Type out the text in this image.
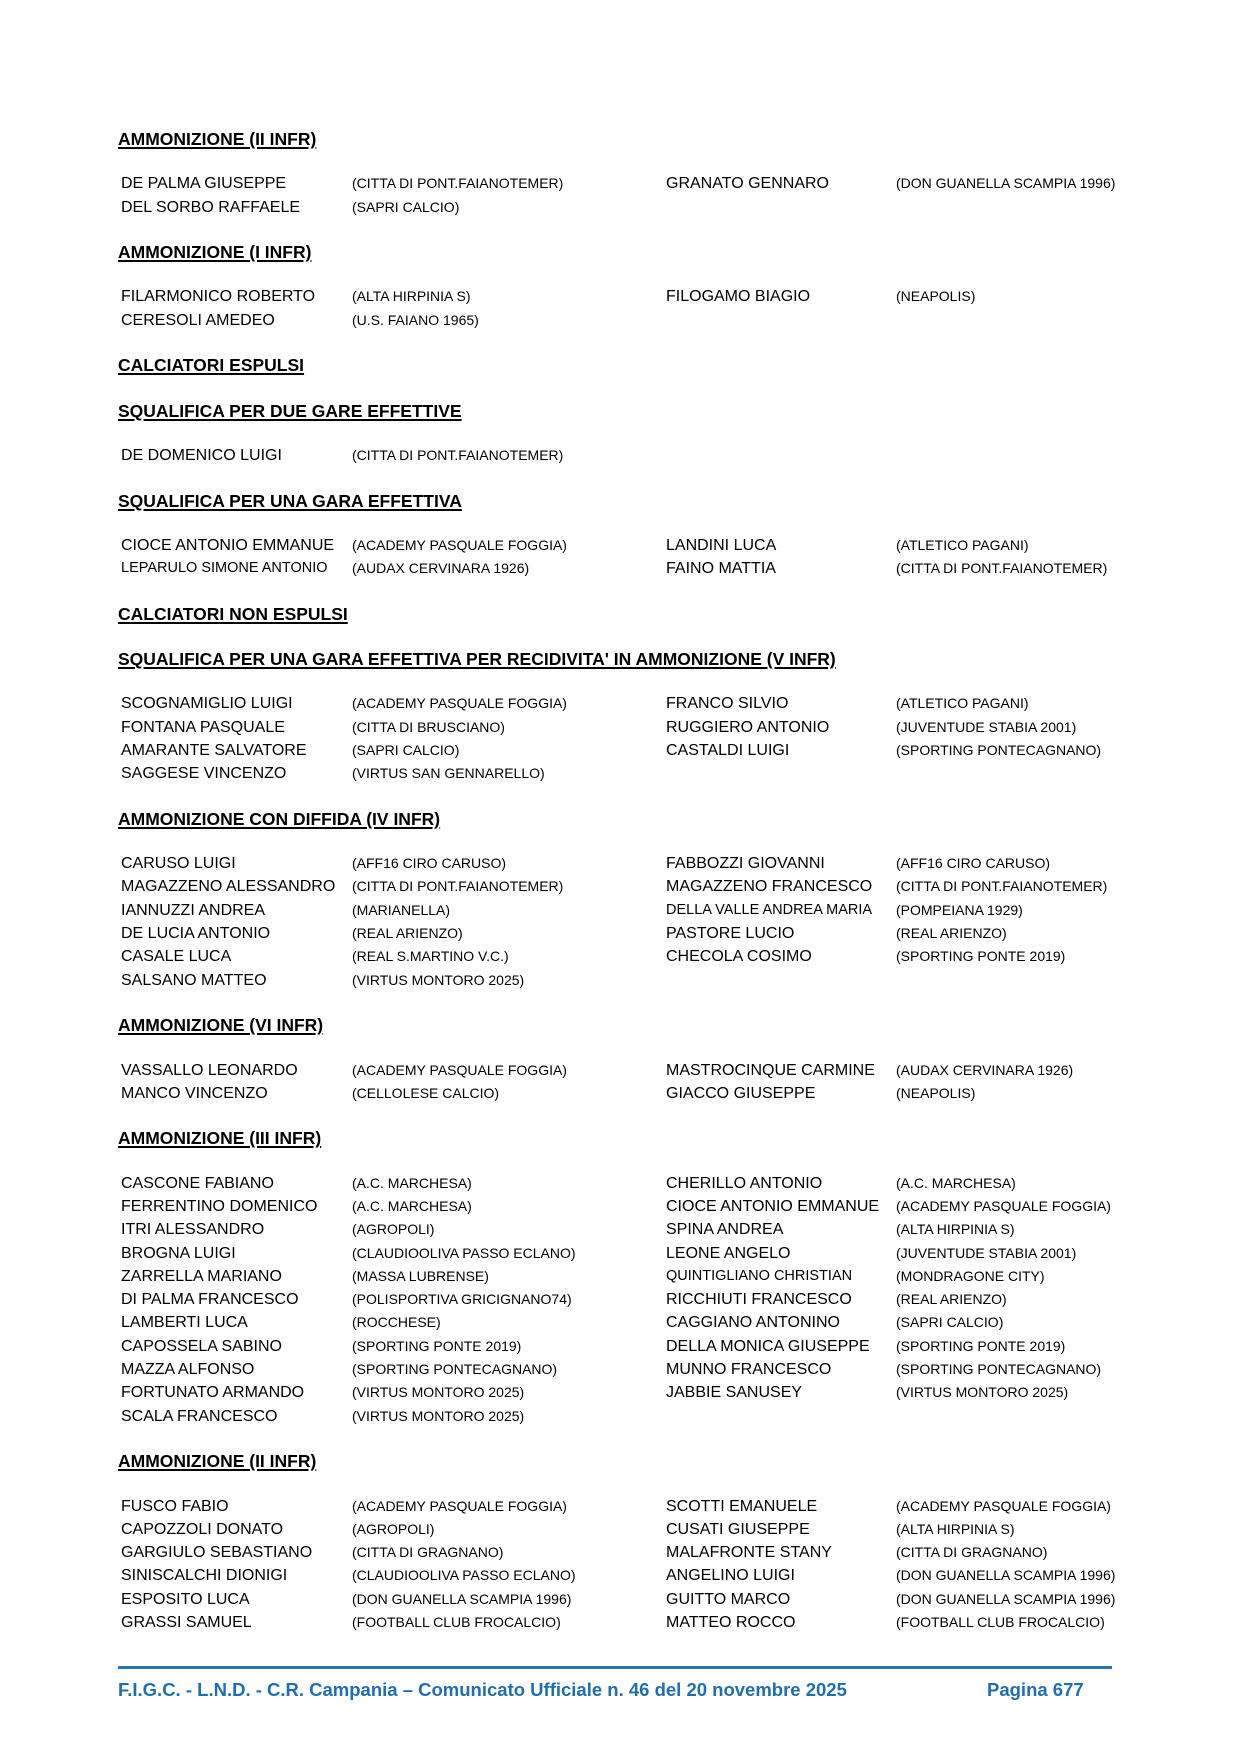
AMMONIZIONE (II INFR)
DE PALMA GIUSEPPE	(CITTA DI PONT.FAIANOTEMER)	GRANATO GENNARO	(DON GUANELLA SCAMPIA 1996)
DEL SORBO RAFFAELE	(SAPRI CALCIO)
AMMONIZIONE (I INFR)
FILARMONICO ROBERTO	(ALTA HIRPINIA S)	FILOGAMO BIAGIO	(NEAPOLIS)
CERESOLI AMEDEO	(U.S. FAIANO 1965)
CALCIATORI ESPULSI
SQUALIFICA PER DUE GARE EFFETTIVE
DE DOMENICO LUIGI	(CITTA DI PONT.FAIANOTEMER)
SQUALIFICA PER UNA GARA EFFETTIVA
CIOCE ANTONIO EMMANUE (ACADEMY PASQUALE FOGGIA)	LANDINI LUCA	(ATLETICO PAGANI)
LEPARULO SIMONE ANTONIO (AUDAX CERVINARA 1926)	FAINO MATTIA	(CITTA DI PONT.FAIANOTEMER)
CALCIATORI NON ESPULSI
SQUALIFICA PER UNA GARA EFFETTIVA PER RECIDIVITA' IN AMMONIZIONE (V INFR)
SCOGNAMIGLIO LUIGI	(ACADEMY PASQUALE FOGGIA)	FRANCO SILVIO	(ATLETICO PAGANI)
FONTANA PASQUALE	(CITTA DI BRUSCIANO)	RUGGIERO ANTONIO	(JUVENTUDE STABIA 2001)
AMARANTE SALVATORE	(SAPRI CALCIO)	CASTALDI LUIGI	(SPORTING PONTECAGNANO)
SAGGESE VINCENZO	(VIRTUS SAN GENNARELLO)
AMMONIZIONE CON DIFFIDA (IV INFR)
CARUSO LUIGI	(AFF16 CIRO CARUSO)	FABBOZZI GIOVANNI	(AFF16 CIRO CARUSO)
MAGAZZENO ALESSANDRO (CITTA DI PONT.FAIANOTEMER)	MAGAZZENO FRANCESCO (CITTA DI PONT.FAIANOTEMER)
IANNUZZI ANDREA	(MARIANELLA)	DELLA VALLE ANDREA MARIA (POMPEIANA 1929)
DE LUCIA ANTONIO	(REAL ARIENZO)	PASTORE LUCIO	(REAL ARIENZO)
CASALE LUCA	(REAL S.MARTINO V.C.)	CHECOLA COSIMO	(SPORTING PONTE 2019)
SALSANO MATTEO	(VIRTUS MONTORO 2025)
AMMONIZIONE (VI INFR)
VASSALLO LEONARDO	(ACADEMY PASQUALE FOGGIA)	MASTROCINQUE CARMINE (AUDAX CERVINARA 1926)
MANCO VINCENZO	(CELLOLESE CALCIO)	GIACCO GIUSEPPE	(NEAPOLIS)
AMMONIZIONE (III INFR)
CASCONE FABIANO	(A.C. MARCHESA)	CHERILLO ANTONIO	(A.C. MARCHESA)
FERRENTINO DOMENICO (A.C. MARCHESA)	CIOCE ANTONIO EMMANUE (ACADEMY PASQUALE FOGGIA)
ITRI ALESSANDRO	(AGROPOLI)	SPINA ANDREA	(ALTA HIRPINIA S)
BROGNA LUIGI	(CLAUDIOOLIVA PASSO ECLANO)	LEONE ANGELO	(JUVENTUDE STABIA 2001)
ZARRELLA MARIANO	(MASSA LUBRENSE)	QUINTIGLIANO CHRISTIAN	(MONDRAGONE CITY)
DI PALMA FRANCESCO	(POLISPORTIVA GRICIGNANO74)	RICCHIUTI FRANCESCO	(REAL ARIENZO)
LAMBERTI LUCA	(ROCCHESE)	CAGGIANO ANTONINO	(SAPRI CALCIO)
CAPOSSELA SABINO	(SPORTING PONTE 2019)	DELLA MONICA GIUSEPPE (SPORTING PONTE 2019)
MAZZA ALFONSO	(SPORTING PONTECAGNANO)	MUNNO FRANCESCO	(SPORTING PONTECAGNANO)
FORTUNATO ARMANDO	(VIRTUS MONTORO 2025)	JABBIE SANUSEY	(VIRTUS MONTORO 2025)
SCALA FRANCESCO	(VIRTUS MONTORO 2025)
AMMONIZIONE (II INFR)
FUSCO FABIO	(ACADEMY PASQUALE FOGGIA)	SCOTTI EMANUELE	(ACADEMY PASQUALE FOGGIA)
CAPOZZOLI DONATO	(AGROPOLI)	CUSATI GIUSEPPE	(ALTA HIRPINIA S)
GARGIULO SEBASTIANO	(CITTA DI GRAGNANO)	MALAFRONTE STANY	(CITTA DI GRAGNANO)
SINISCALCHI DIONIGI	(CLAUDIOOLIVA PASSO ECLANO)	ANGELINO LUIGI	(DON GUANELLA SCAMPIA 1996)
ESPOSITO LUCA	(DON GUANELLA SCAMPIA 1996)	GUITTO MARCO	(DON GUANELLA SCAMPIA 1996)
GRASSI SAMUEL	(FOOTBALL CLUB FROCALCIO)	MATTEO ROCCO	(FOOTBALL CLUB FROCALCIO)
F.I.G.C. - L.N.D. - C.R. Campania – Comunicato Ufficiale n. 46 del 20 novembre 2025	Pagina 677
